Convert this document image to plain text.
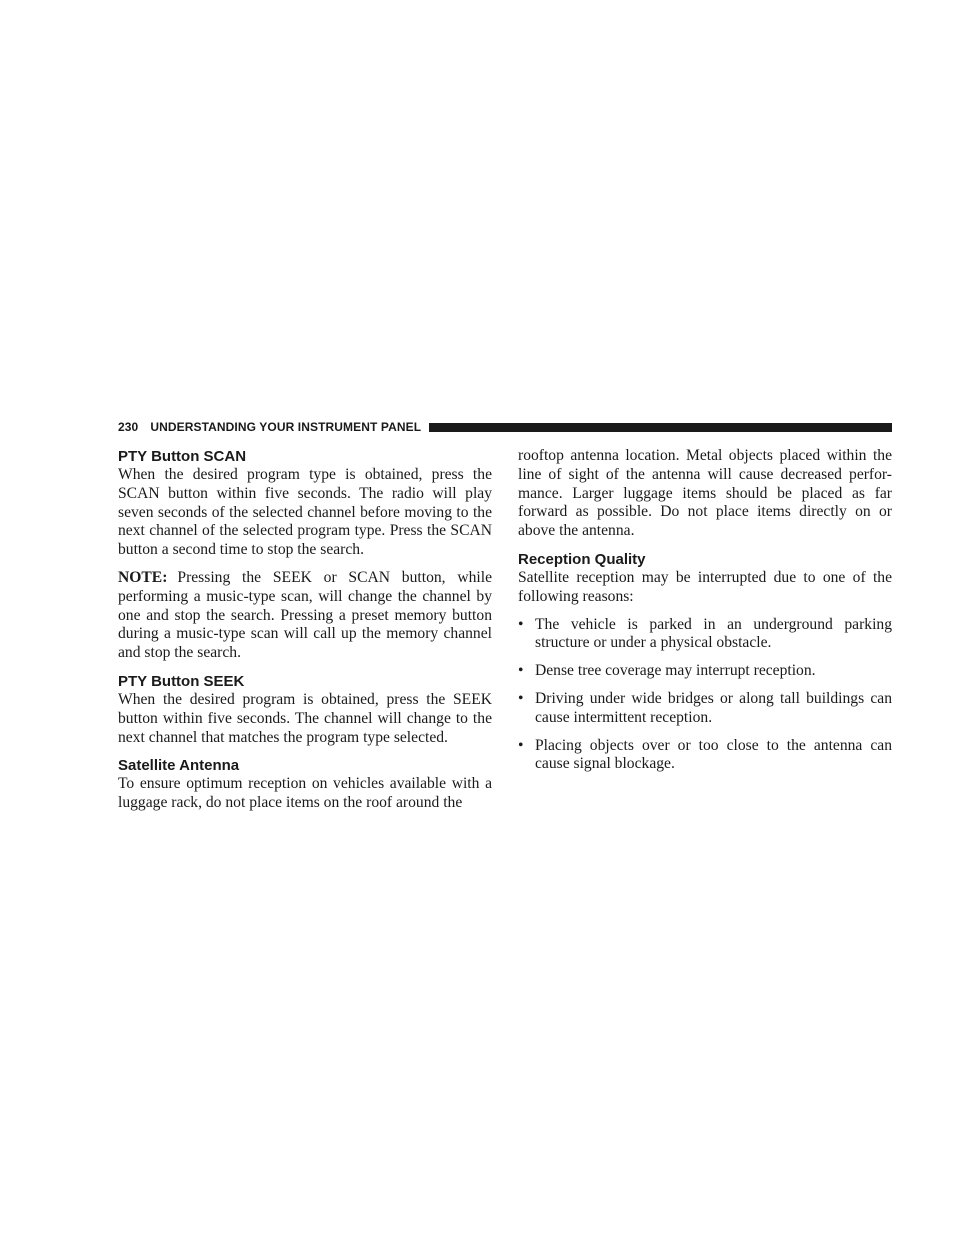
230 UNDERSTANDING YOUR INSTRUMENT PANEL
PTY Button SCAN

When the desired program type is obtained, press the SCAN button within five seconds. The radio will play seven seconds of the selected channel before moving to the next channel of the selected program type. Press the SCAN button a second time to stop the search.

NOTE: Pressing the SEEK or SCAN button, while performing a music-type scan, will change the channel by one and stop the search. Pressing a preset memory button during a music-type scan will call up the memory channel and stop the search.

PTY Button SEEK

When the desired program is obtained, press the SEEK button within five seconds. The channel will change to the next channel that matches the program type selected.

Satellite Antenna

To ensure optimum reception on vehicles available with a luggage rack, do not place items on the roof around the

rooftop antenna location. Metal objects placed within the line of sight of the antenna will cause decreased perfor-mance. Larger luggage items should be placed as far forward as possible. Do not place items directly on or above the antenna.

Reception Quality

Satellite reception may be interrupted due to one of the following reasons:

• The vehicle is parked in an underground parking structure or under a physical obstacle.
• Dense tree coverage may interrupt reception.
• Driving under wide bridges or along tall buildings can cause intermittent reception.
• Placing objects over or too close to the antenna can cause signal blockage.
